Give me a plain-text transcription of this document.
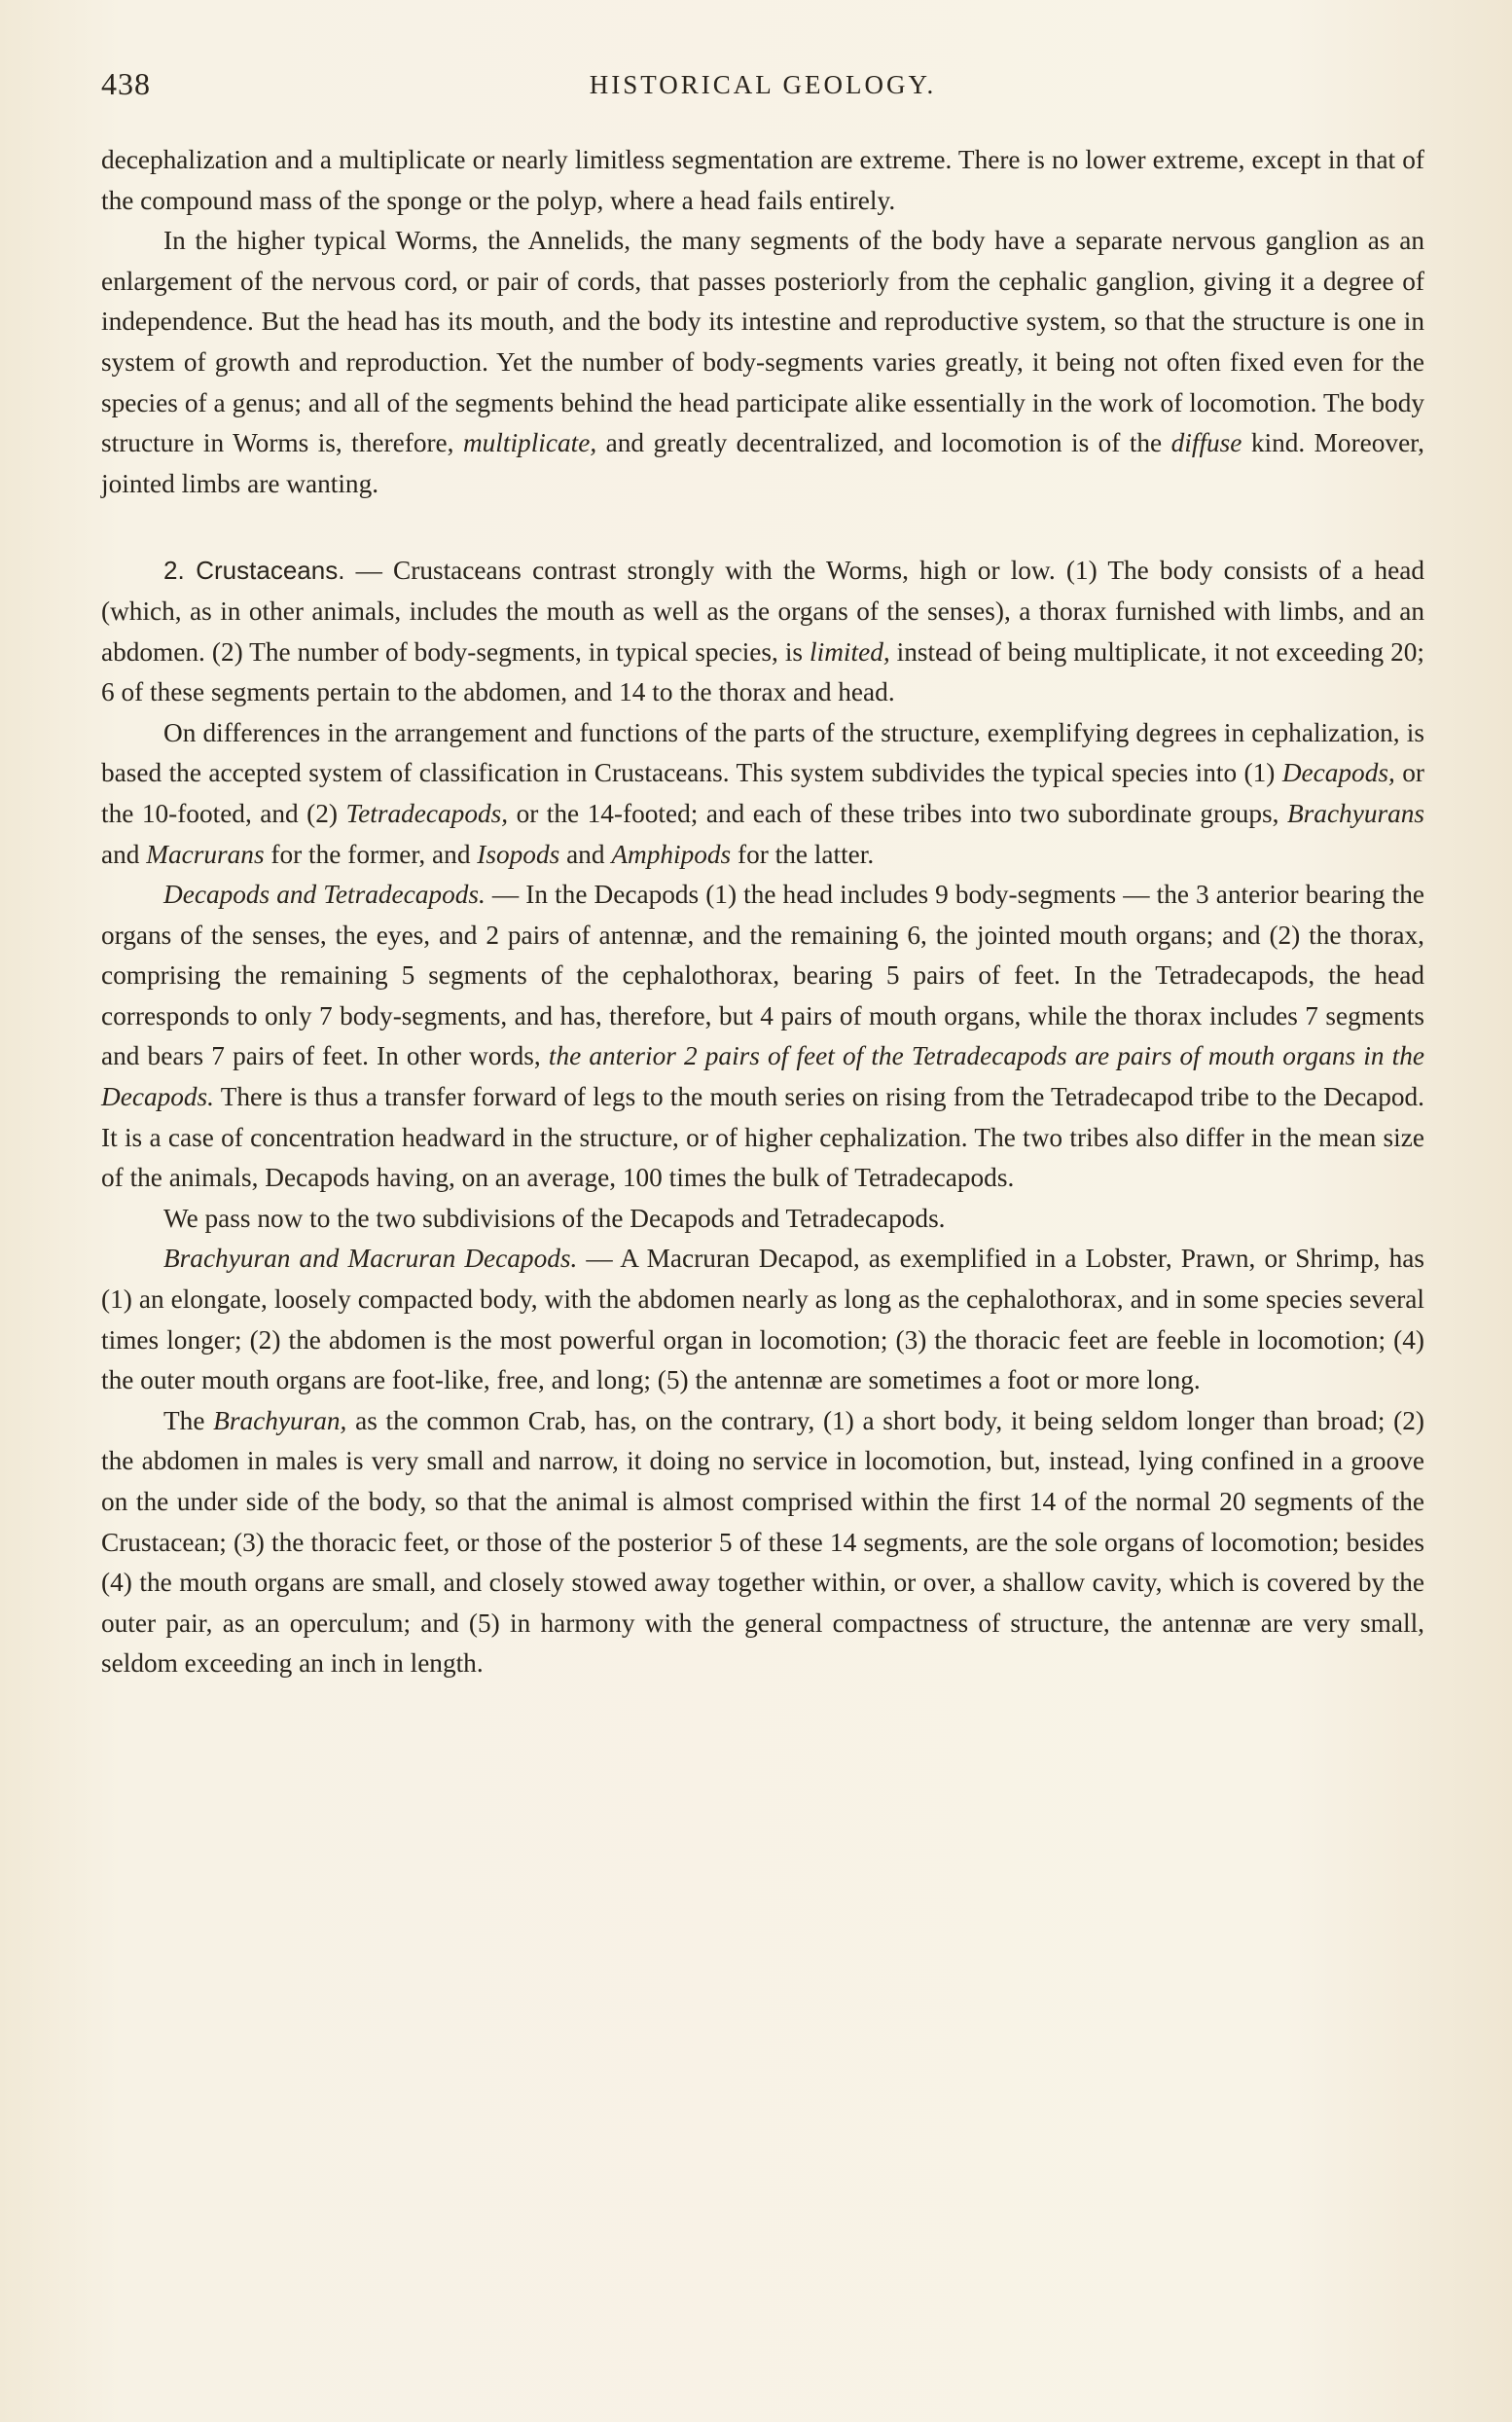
438	HISTORICAL GEOLOGY.

decephalization and a multiplicate or nearly limitless segmentation are extreme. There is no lower extreme, except in that of the compound mass of the sponge or the polyp, where a head fails entirely.

In the higher typical Worms, the Annelids, the many segments of the body have a separate nervous ganglion as an enlargement of the nervous cord, or pair of cords, that passes posteriorly from the cephalic ganglion, giving it a degree of independence. But the head has its mouth, and the body its intestine and reproductive system, so that the structure is one in system of growth and reproduction. Yet the number of body-segments varies greatly, it being not often fixed even for the species of a genus; and all of the segments behind the head participate alike essentially in the work of locomotion. The body structure in Worms is, therefore, multiplicate, and greatly decentralized, and locomotion is of the diffuse kind. Moreover, jointed limbs are wanting.

2. Crustaceans. — Crustaceans contrast strongly with the Worms, high or low. (1) The body consists of a head (which, as in other animals, includes the mouth as well as the organs of the senses), a thorax furnished with limbs, and an abdomen. (2) The number of body-segments, in typical species, is limited, instead of being multiplicate, it not exceeding 20; 6 of these segments pertain to the abdomen, and 14 to the thorax and head.

On differences in the arrangement and functions of the parts of the structure, exemplifying degrees in cephalization, is based the accepted system of classification in Crustaceans. This system subdivides the typical species into (1) Decapods, or the 10-footed, and (2) Tetradecapods, or the 14-footed; and each of these tribes into two subordinate groups, Brachyurans and Macrurans for the former, and Isopods and Amphipods for the latter.

Decapods and Tetradecapods. — In the Decapods (1) the head includes 9 body-segments — the 3 anterior bearing the organs of the senses, the eyes, and 2 pairs of antennæ, and the remaining 6, the jointed mouth organs; and (2) the thorax, comprising the remaining 5 segments of the cephalothorax, bearing 5 pairs of feet. In the Tetradecapods, the head corresponds to only 7 body-segments, and has, therefore, but 4 pairs of mouth organs, while the thorax includes 7 segments and bears 7 pairs of feet. In other words, the anterior 2 pairs of feet of the Tetradecapods are pairs of mouth organs in the Decapods. There is thus a transfer forward of legs to the mouth series on rising from the Tetradecapod tribe to the Decapod. It is a case of concentration headward in the structure, or of higher cephalization. The two tribes also differ in the mean size of the animals, Decapods having, on an average, 100 times the bulk of Tetradecapods.

We pass now to the two subdivisions of the Decapods and Tetradecapods.

Brachyuran and Macruran Decapods. — A Macruran Decapod, as exemplified in a Lobster, Prawn, or Shrimp, has (1) an elongate, loosely compacted body, with the abdomen nearly as long as the cephalothorax, and in some species several times longer; (2) the abdomen is the most powerful organ in locomotion; (3) the thoracic feet are feeble in locomotion; (4) the outer mouth organs are foot-like, free, and long; (5) the antennæ are sometimes a foot or more long.

The Brachyuran, as the common Crab, has, on the contrary, (1) a short body, it being seldom longer than broad; (2) the abdomen in males is very small and narrow, it doing no service in locomotion, but, instead, lying confined in a groove on the under side of the body, so that the animal is almost comprised within the first 14 of the normal 20 segments of the Crustacean; (3) the thoracic feet, or those of the posterior 5 of these 14 segments, are the sole organs of locomotion; besides (4) the mouth organs are small, and closely stowed away together within, or over, a shallow cavity, which is covered by the outer pair, as an operculum; and (5) in harmony with the general compactness of structure, the antennæ are very small, seldom exceeding an inch in length.
